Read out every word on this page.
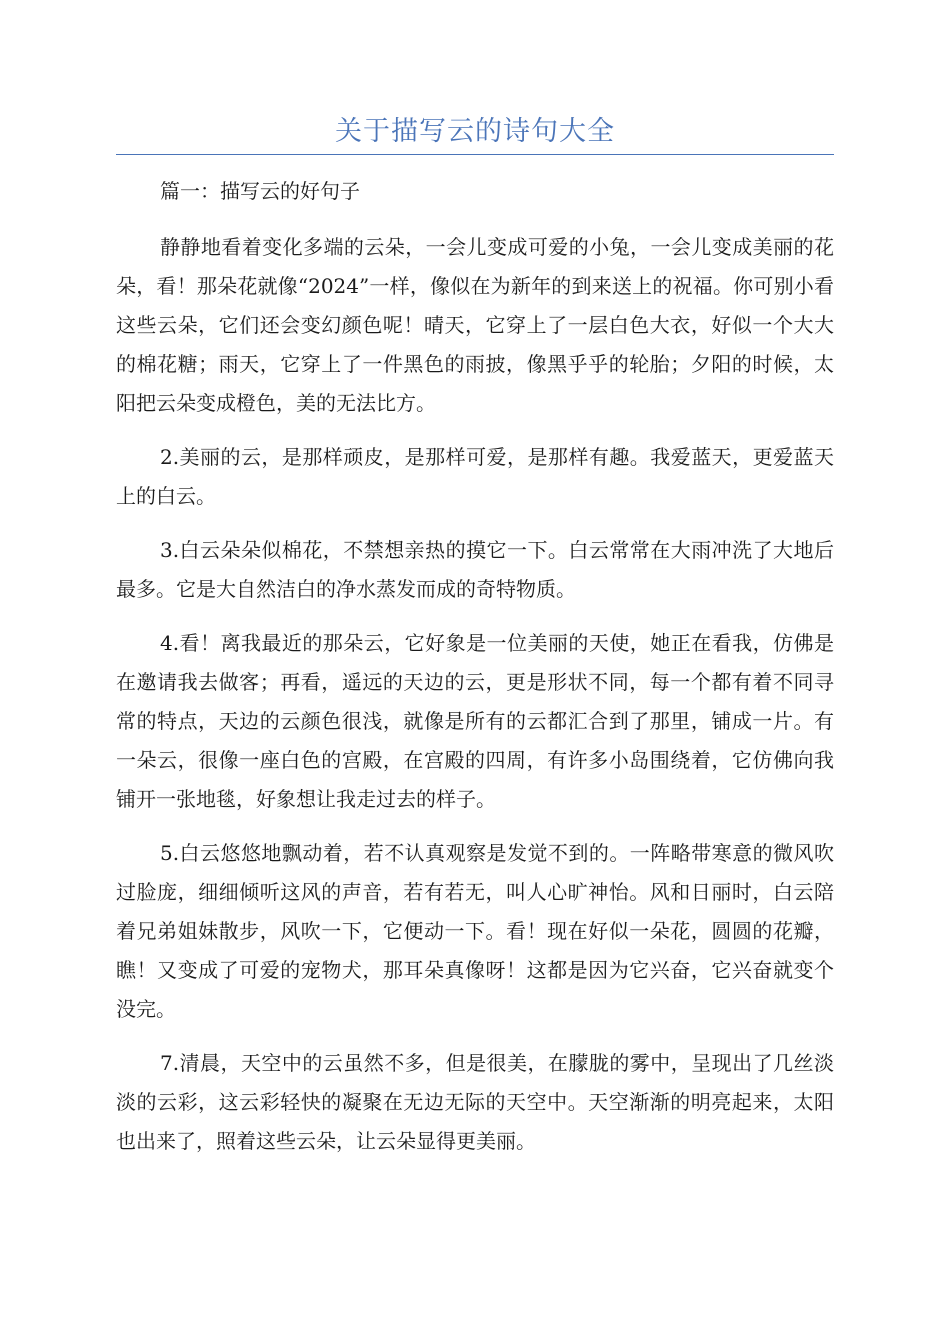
关于描写云的诗句大全

篇一：描写云的好句子

静静地看着变化多端的云朵，一会儿变成可爱的小兔，一会儿变成美丽的花朵，看！那朵花就像“2024”一样，像似在为新年的到来送上的祝福。你可别小看这些云朵，它们还会变幻颜色呢！晴天，它穿上了一层白色大衣，好似一个大大的棉花糖；雨天，它穿上了一件黑色的雨披，像黑乎乎的轮胎；夕阳的时候，太阳把云朵变成橙色，美的无法比方。

2.美丽的云，是那样顽皮，是那样可爱，是那样有趣。我爱蓝天，更爱蓝天上的白云。

3.白云朵朵似棉花，不禁想亲热的摸它一下。白云常常在大雨冲洗了大地后最多。它是大自然洁白的净水蒸发而成的奇特物质。

4.看！离我最近的那朵云，它好象是一位美丽的天使，她正在看我，仿佛是在邀请我去做客；再看，遥远的天边的云，更是形状不同，每一个都有着不同寻常的特点，天边的云颜色很浅，就像是所有的云都汇合到了那里，铺成一片。有一朵云，很像一座白色的宫殿，在宫殿的四周，有许多小岛围绕着，它仿佛向我铺开一张地毯，好象想让我走过去的样子。

5.白云悠悠地飘动着，若不认真观察是发觉不到的。一阵略带寒意的微风吹过脸庞，细细倾听这风的声音，若有若无，叫人心旷神怡。风和日丽时，白云陪着兄弟姐妹散步，风吹一下，它便动一下。看！现在好似一朵花，圆圆的花瓣，瞧！又变成了可爱的宠物犬，那耳朵真像呀！这都是因为它兴奋，它兴奋就变个没完。

7.清晨，天空中的云虽然不多，但是很美，在朦胧的雾中，呈现出了几丝淡淡的云彩，这云彩轻快的凝聚在无边无际的天空中。天空渐渐的明亮起来，太阳也出来了，照着这些云朵，让云朵显得更美丽。
